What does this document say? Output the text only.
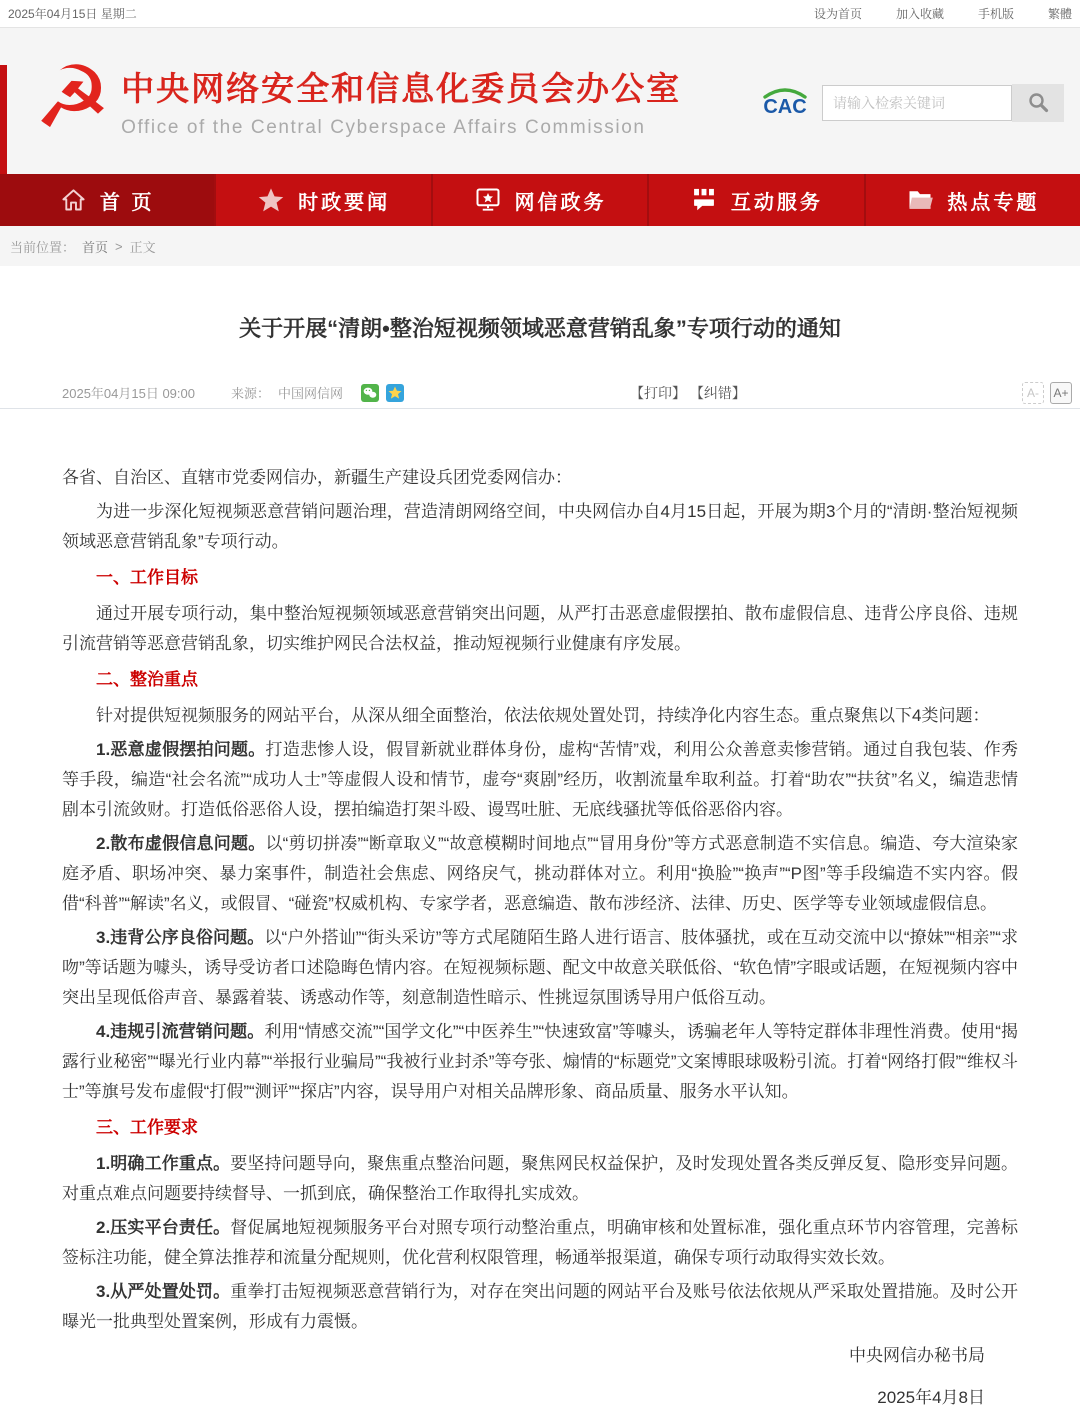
2025年04月15日 星期二	设为首页	加入收藏	手机版	繁體
☭ 中央网络安全和信息化委员会办公室
Office of the Central Cyberspace Affairs Commission
CAC
请输入检索关键词
首 页	时政要闻	网信政务	互动服务	热点专题
当前位置： 首页 > 正文
关于开展“清朗•整治短视频领域恶意营销乱象”专项行动的通知
2025年04月15日 09:00	来源： 中国网信网	【打印】 【纠错】	A-	A+

各省、自治区、直辖市党委网信办，新疆生产建设兵团党委网信办：

为进一步深化短视频恶意营销问题治理，营造清朗网络空间，中央网信办自4月15日起，开展为期3个月的“清朗·整治短视频领域恶意营销乱象”专项行动。

一、工作目标

通过开展专项行动，集中整治短视频领域恶意营销突出问题，从严打击恶意虚假摆拍、散布虚假信息、违背公序良俗、违规引流营销等恶意营销乱象，切实维护网民合法权益，推动短视频行业健康有序发展。

二、整治重点

针对提供短视频服务的网站平台，从深从细全面整治，依法依规处置处罚，持续净化内容生态。重点聚焦以下4类问题：

1.恶意虚假摆拍问题。打造悲惨人设，假冒新就业群体身份，虚构“苦情”戏，利用公众善意卖惨营销。通过自我包装、作秀等手段，编造“社会名流”“成功人士”等虚假人设和情节，虚夸“爽剧”经历，收割流量牟取利益。打着“助农”“扶贫”名义，编造悲情剧本引流敛财。打造低俗恶俗人设，摆拍编造打架斗殴、谩骂吐脏、无底线骚扰等低俗恶俗内容。

2.散布虚假信息问题。以“剪切拼凑”“断章取义”“故意模糊时间地点”“冒用身份”等方式恶意制造不实信息。编造、夸大渲染家庭矛盾、职场冲突、暴力案事件，制造社会焦虑、网络戾气，挑动群体对立。利用“换脸”“换声”“P图”等手段编造不实内容。假借“科普”“解读”名义，或假冒、“碰瓷”权威机构、专家学者，恶意编造、散布涉经济、法律、历史、医学等专业领域虚假信息。

3.违背公序良俗问题。以“户外搭讪”“街头采访”等方式尾随陌生路人进行语言、肢体骚扰，或在互动交流中以“撩妹”“相亲”“求吻”等话题为噱头，诱导受访者口述隐晦色情内容。在短视频标题、配文中故意关联低俗、“软色情”字眼或话题，在短视频内容中突出呈现低俗声音、暴露着装、诱惑动作等，刻意制造性暗示、性挑逗氛围诱导用户低俗互动。

4.违规引流营销问题。利用“情感交流”“国学文化”“中医养生”“快速致富”等噱头，诱骗老年人等特定群体非理性消费。使用“揭露行业秘密”“曝光行业内幕”“举报行业骗局”“我被行业封杀”等夸张、煽情的“标题党”文案博眼球吸粉引流。打着“网络打假”“维权斗士”等旗号发布虚假“打假”“测评”“探店”内容，误导用户对相关品牌形象、商品质量、服务水平认知。

三、工作要求

1.明确工作重点。要坚持问题导向，聚焦重点整治问题，聚焦网民权益保护，及时发现处置各类反弹反复、隐形变异问题。对重点难点问题要持续督导、一抓到底，确保整治工作取得扎实成效。

2.压实平台责任。督促属地短视频服务平台对照专项行动整治重点，明确审核和处置标准，强化重点环节内容管理，完善标签标注功能，健全算法推荐和流量分配规则，优化营利权限管理，畅通举报渠道，确保专项行动取得实效长效。

3.从严处置处罚。重拳打击短视频恶意营销行为，对存在突出问题的网站平台及账号依法依规从严采取处置措施。及时公开曝光一批典型处置案例，形成有力震慑。

中央网信办秘书局

2025年4月8日
